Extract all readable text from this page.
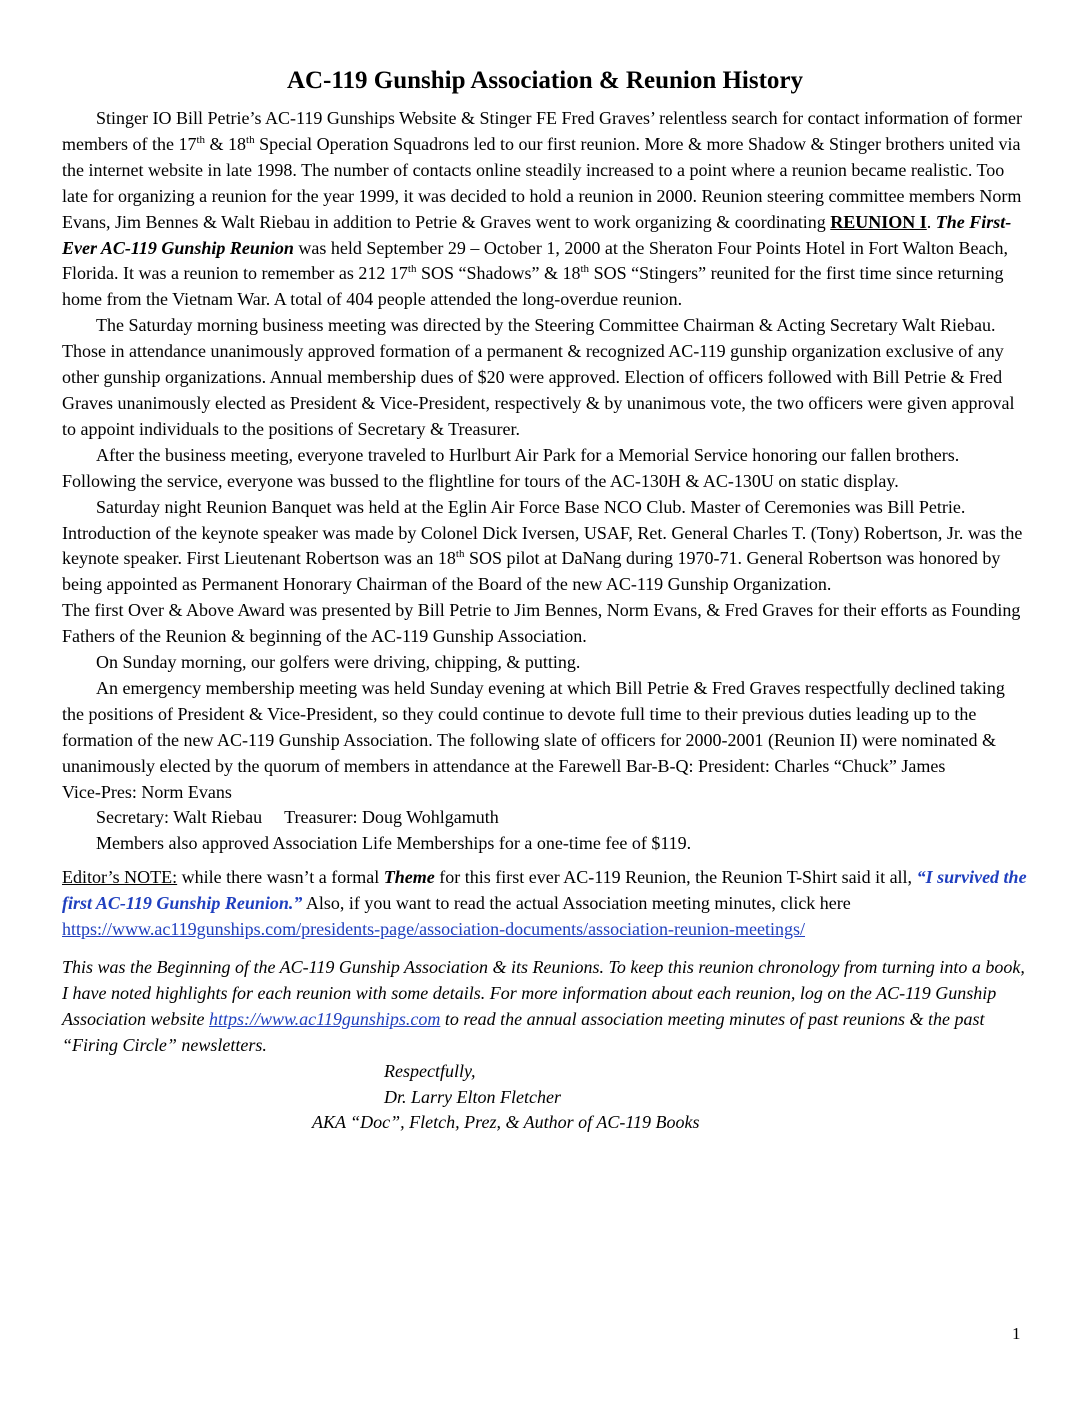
AC-119 Gunship Association & Reunion History

Stinger IO Bill Petrie’s AC-119 Gunships Website & Stinger FE Fred Graves’ relentless search for contact information of former members of the 17th & 18th Special Operation Squadrons led to our first reunion. More & more Shadow & Stinger brothers united via the internet website in late 1998. The number of contacts online steadily increased to a point where a reunion became realistic. Too late for organizing a reunion for the year 1999, it was decided to hold a reunion in 2000. Reunion steering committee members Norm Evans, Jim Bennes & Walt Riebau in addition to Petrie & Graves went to work organizing & coordinating REUNION I. The First-Ever AC-119 Gunship Reunion was held September 29 – October 1, 2000 at the Sheraton Four Points Hotel in Fort Walton Beach, Florida. It was a reunion to remember as 212 17th SOS “Shadows” & 18th SOS “Stingers” reunited for the first time since returning home from the Vietnam War. A total of 404 people attended the long-overdue reunion.

The Saturday morning business meeting was directed by the Steering Committee Chairman & Acting Secretary Walt Riebau. Those in attendance unanimously approved formation of a permanent & recognized AC-119 gunship organization exclusive of any other gunship organizations. Annual membership dues of $20 were approved. Election of officers followed with Bill Petrie & Fred Graves unanimously elected as President & Vice-President, respectively & by unanimous vote, the two officers were given approval to appoint individuals to the positions of Secretary & Treasurer.

After the business meeting, everyone traveled to Hurlburt Air Park for a Memorial Service honoring our fallen brothers. Following the service, everyone was bussed to the flightline for tours of the AC-130H & AC-130U on static display.

Saturday night Reunion Banquet was held at the Eglin Air Force Base NCO Club. Master of Ceremonies was Bill Petrie. Introduction of the keynote speaker was made by Colonel Dick Iversen, USAF, Ret. General Charles T. (Tony) Robertson, Jr. was the keynote speaker. First Lieutenant Robertson was an 18th SOS pilot at DaNang during 1970-71. General Robertson was honored by being appointed as Permanent Honorary Chairman of the Board of the new AC-119 Gunship Organization.

The first Over & Above Award was presented by Bill Petrie to Jim Bennes, Norm Evans, & Fred Graves for their efforts as Founding Fathers of the Reunion & beginning of the AC-119 Gunship Association.

On Sunday morning, our golfers were driving, chipping, & putting.

An emergency membership meeting was held Sunday evening at which Bill Petrie & Fred Graves respectfully declined taking the positions of President & Vice-President, so they could continue to devote full time to their previous duties leading up to the formation of the new AC-119 Gunship Association. The following slate of officers for 2000-2001 (Reunion II) were nominated & unanimously elected by the quorum of members in attendance at the Farewell Bar-B-Q: President: Charles “Chuck” JamesVice-Pres: Norm Evans

Secretary: Walt Riebau Treasurer: Doug Wohlgamuth

Members also approved Association Life Memberships for a one-time fee of $119.

Editor’s NOTE: while there wasn’t a formal Theme for this first ever AC-119 Reunion, the Reunion T-Shirt said it all, “I survived the first AC-119 Gunship Reunion.” Also, if you want to read the actual Association meeting minutes, click here https://www.ac119gunships.com/presidents-page/association-documents/association-reunion-meetings/

This was the Beginning of the AC-119 Gunship Association & its Reunions. To keep this reunion chronology from turning into a book, I have noted highlights for each reunion with some details. For more information about each reunion, log on the AC-119 Gunship Association website https://www.ac119gunships.com to read the annual association meeting minutes of past reunions & the past “Firing Circle” newsletters.

Respectfully,
Dr. Larry Elton Fletcher
AKA “Doc”, Fletch, Prez, & Author of AC-119 Books
1
